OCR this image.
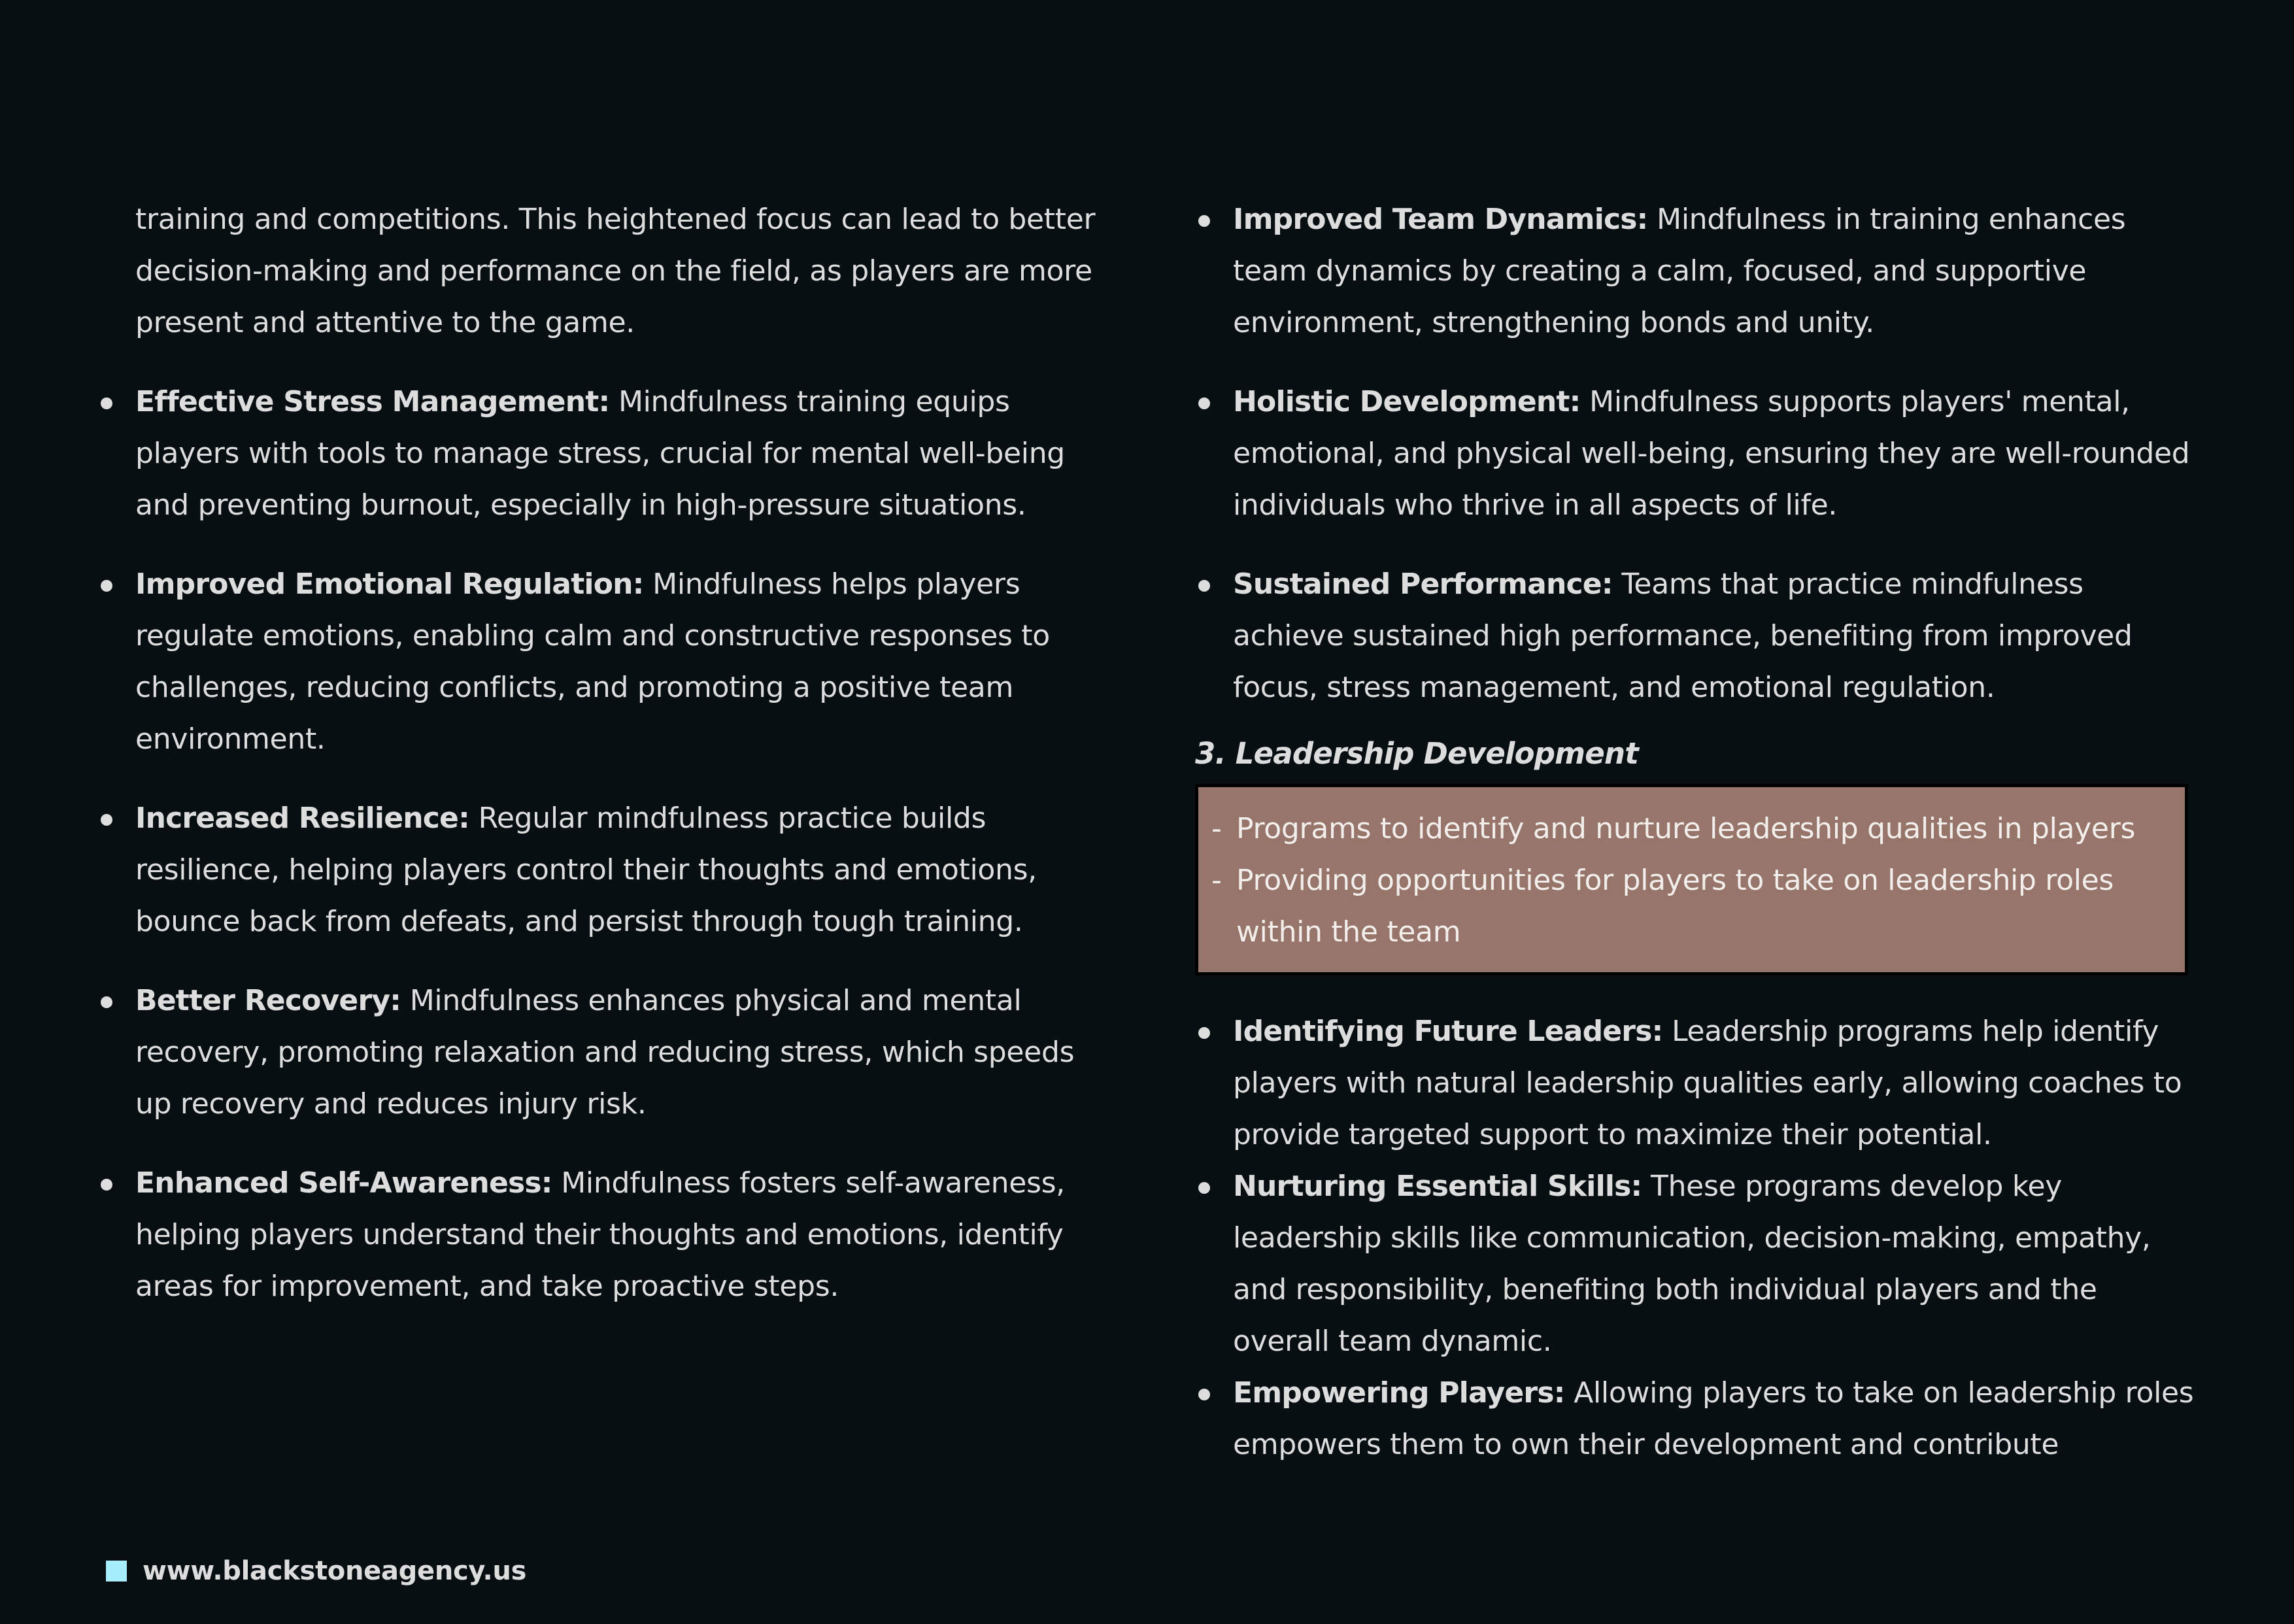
training and competitions. This heightened focus can lead to better decision-making and performance on the field, as players are more present and attentive to the game.

Effective Stress Management: Mindfulness training equips players with tools to manage stress, crucial for mental well-being and preventing burnout, especially in high-pressure situations.
Improved Emotional Regulation: Mindfulness helps players regulate emotions, enabling calm and constructive responses to challenges, reducing conflicts, and promoting a positive team environment.
Increased Resilience: Regular mindfulness practice builds resilience, helping players control their thoughts and emotions, bounce back from defeats, and persist through tough training.
Better Recovery: Mindfulness enhances physical and mental recovery, promoting relaxation and reducing stress, which speeds up recovery and reduces injury risk.
Enhanced Self-Awareness: Mindfulness fosters self-awareness, helping players understand their thoughts and emotions, identify areas for improvement, and take proactive steps.
Improved Team Dynamics: Mindfulness in training enhances team dynamics by creating a calm, focused, and supportive environment, strengthening bonds and unity.
Holistic Development: Mindfulness supports players' mental, emotional, and physical well-being, ensuring they are well-rounded individuals who thrive in all aspects of life.
Sustained Performance: Teams that practice mindfulness achieve sustained high performance, benefiting from improved focus, stress management, and emotional regulation.
3. Leadership Development
- Programs to identify and nurture leadership qualities in players
- Providing opportunities for players to take on leadership roles within the team
Identifying Future Leaders: Leadership programs help identify players with natural leadership qualities early, allowing coaches to provide targeted support to maximize their potential.
Nurturing Essential Skills: These programs develop key leadership skills like communication, decision-making, empathy, and responsibility, benefiting both individual players and the overall team dynamic.
Empowering Players: Allowing players to take on leadership roles empowers them to own their development and contribute
www.blackstoneagency.us
